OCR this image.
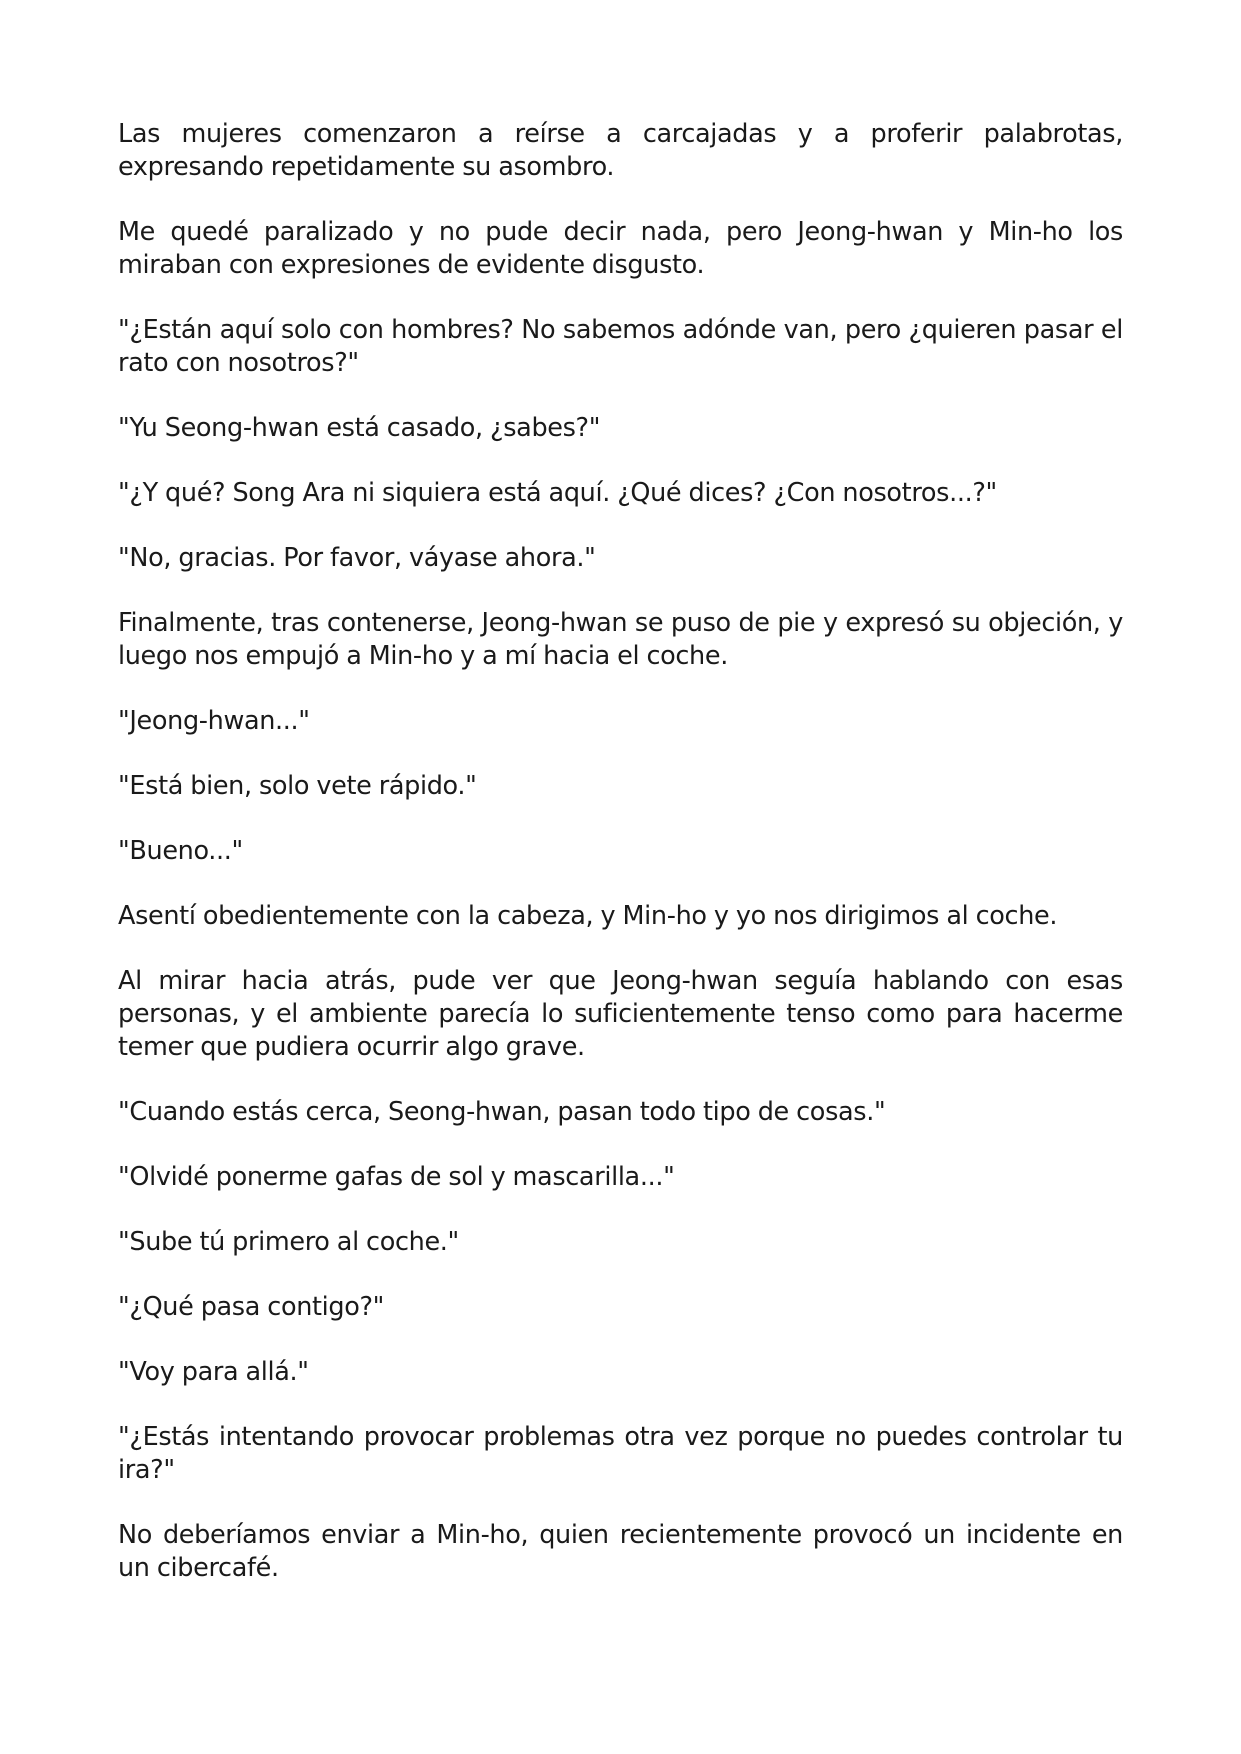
Las mujeres comenzaron a reírse a carcajadas y a proferir palabrotas, expresando repetidamente su asombro.

Me quedé paralizado y no pude decir nada, pero Jeong-hwan y Min-ho los miraban con expresiones de evidente disgusto.

"¿Están aquí solo con hombres? No sabemos adónde van, pero ¿quieren pasar el rato con nosotros?"

"Yu Seong-hwan está casado, ¿sabes?"

"¿Y qué? Song Ara ni siquiera está aquí. ¿Qué dices? ¿Con nosotros...?"

"No, gracias. Por favor, váyase ahora."

Finalmente, tras contenerse, Jeong-hwan se puso de pie y expresó su objeción, y luego nos empujó a Min-ho y a mí hacia el coche.

"Jeong-hwan..."

"Está bien, solo vete rápido."

"Bueno..."

Asentí obedientemente con la cabeza, y Min-ho y yo nos dirigimos al coche.

Al mirar hacia atrás, pude ver que Jeong-hwan seguía hablando con esas personas, y el ambiente parecía lo suficientemente tenso como para hacerme temer que pudiera ocurrir algo grave.

"Cuando estás cerca, Seong-hwan, pasan todo tipo de cosas."

"Olvidé ponerme gafas de sol y mascarilla..."

"Sube tú primero al coche."

"¿Qué pasa contigo?"

"Voy para allá."

"¿Estás intentando provocar problemas otra vez porque no puedes controlar tu ira?"

No deberíamos enviar a Min-ho, quien recientemente provocó un incidente en un cibercafé.
